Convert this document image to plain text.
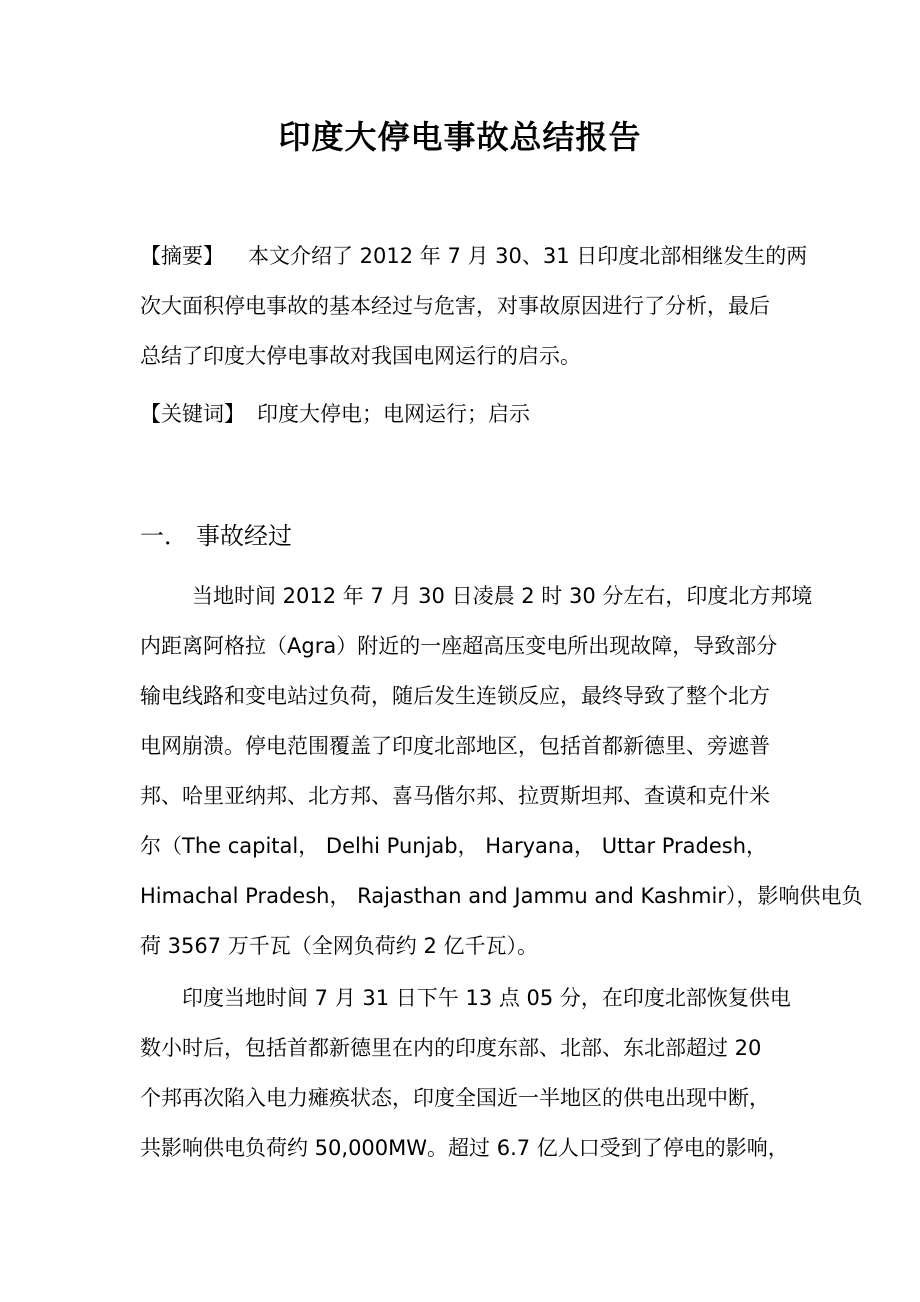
印度大停电事故总结报告
【摘要】 本文介绍了 2012 年 7 月 30、31 日印度北部相继发生的两
次大面积停电事故的基本经过与危害，对事故原因进行了分析，最后
总结了印度大停电事故对我国电网运行的启示。
【关键词】 印度大停电；电网运行；启示
一． 事故经过
当地时间 2012 年 7 月 30 日凌晨 2 时 30 分左右，印度北方邦境
内距离阿格拉（Agra）附近的一座超高压变电所出现故障，导致部分
输电线路和变电站过负荷，随后发生连锁反应，最终导致了整个北方
电网崩溃。停电范围覆盖了印度北部地区，包括首都新德里、旁遮普
邦、哈里亚纳邦、北方邦、喜马偕尔邦、拉贾斯坦邦、查谟和克什米
尔（The capital， Delhi Punjab， Haryana， Uttar Pradesh，
Himachal Pradesh， Rajasthan and Jammu and Kashmir），影响供电负
荷 3567 万千瓦（全网负荷约 2 亿千瓦）。
印度当地时间 7 月 31 日下午 13 点 05 分，在印度北部恢复供电
数小时后，包括首都新德里在内的印度东部、北部、东北部超过 20
个邦再次陷入电力瘫痪状态，印度全国近一半地区的供电出现中断，
共影响供电负荷约 50,000MW。超过 6.7 亿人口受到了停电的影响，
